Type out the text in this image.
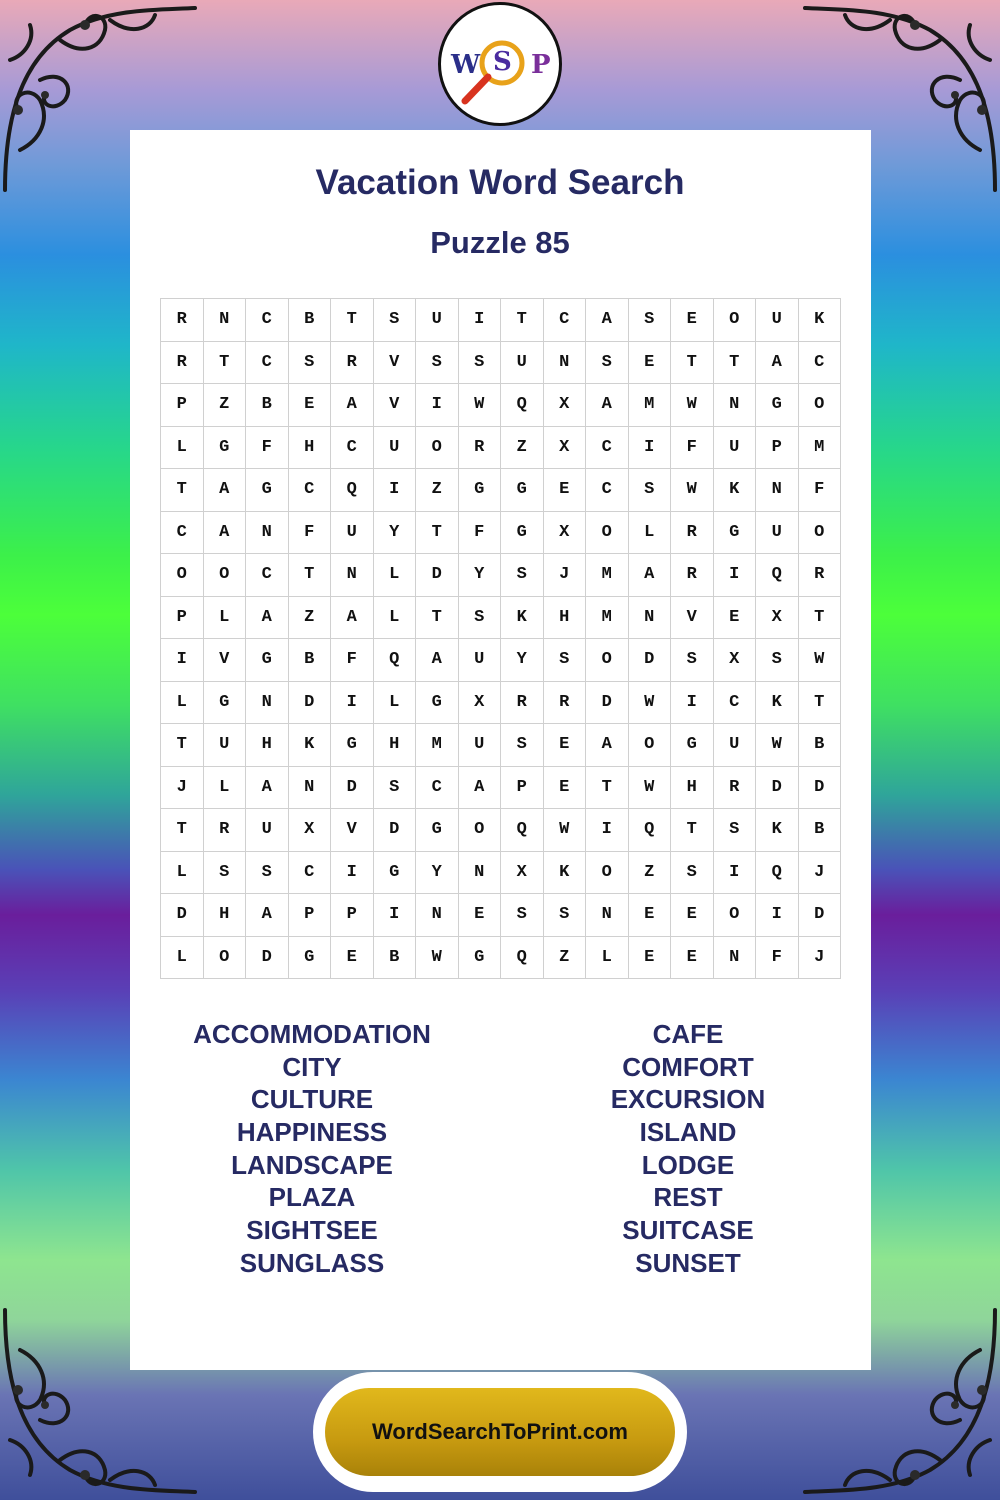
W S P
Vacation Word Search
Puzzle 85
R	N	C	B	T	S	U	I	T	C	A	S	E	O	U	K
R	T	C	S	R	V	S	S	U	N	S	E	T	T	A	C
P	Z	B	E	A	V	I	W	Q	X	A	M	W	N	G	O
L	G	F	H	C	U	O	R	Z	X	C	I	F	U	P	M
T	A	G	C	Q	I	Z	G	G	E	C	S	W	K	N	F
C	A	N	F	U	Y	T	F	G	X	O	L	R	G	U	O
O	O	C	T	N	L	D	Y	S	J	M	A	R	I	Q	R
P	L	A	Z	A	L	T	S	K	H	M	N	V	E	X	T
I	V	G	B	F	Q	A	U	Y	S	O	D	S	X	S	W
L	G	N	D	I	L	G	X	R	R	D	W	I	C	K	T
T	U	H	K	G	H	M	U	S	E	A	O	G	U	W	B
J	L	A	N	D	S	C	A	P	E	T	W	H	R	D	D
T	R	U	X	V	D	G	O	Q	W	I	Q	T	S	K	B
L	S	S	C	I	G	Y	N	X	K	O	Z	S	I	Q	J
D	H	A	P	P	I	N	E	S	S	N	E	E	O	I	D
L	O	D	G	E	B	W	G	Q	Z	L	E	E	N	F	J
ACCOMMODATION
CITY
CULTURE
HAPPINESS
LANDSCAPE
PLAZA
SIGHTSEE
SUNGLASS
CAFE
COMFORT
EXCURSION
ISLAND
LODGE
REST
SUITCASE
SUNSET
WordSearchToPrint.com
